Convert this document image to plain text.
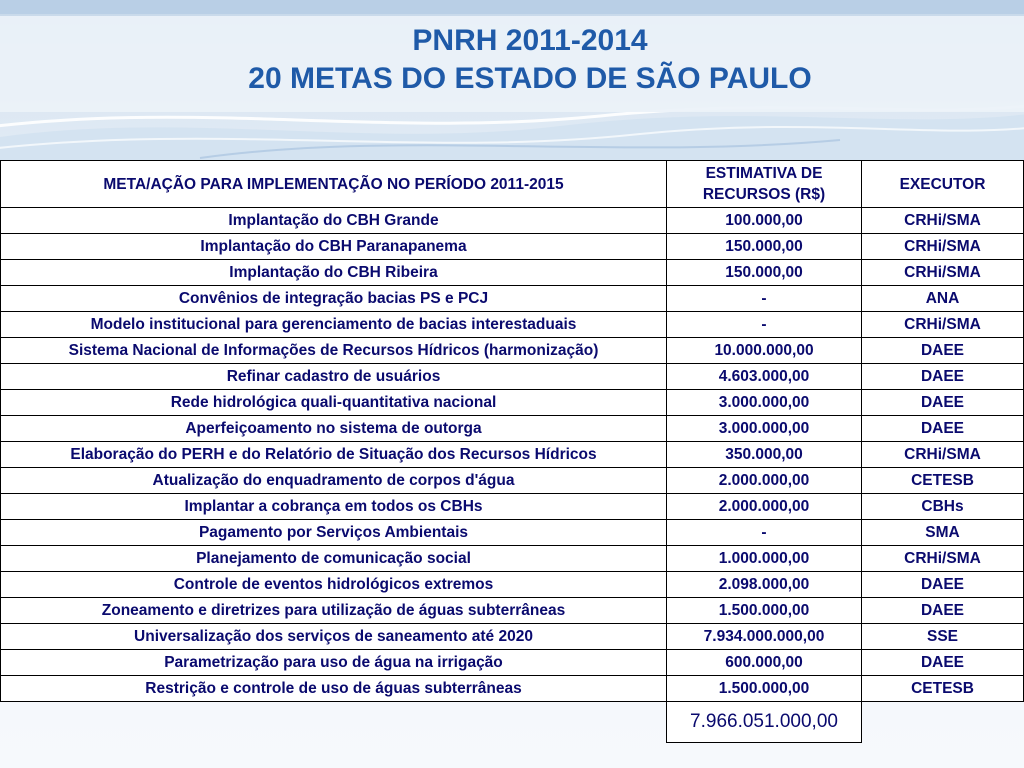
PNRH 2011-2014
20 METAS DO ESTADO DE SÃO PAULO
META/AÇÃO PARA IMPLEMENTAÇÃO NO PERÍODO 2011-2015	ESTIMATIVA DE RECURSOS (R$)	EXECUTOR
Implantação do CBH Grande	100.000,00	CRHi/SMA
Implantação do CBH Paranapanema	150.000,00	CRHi/SMA
Implantação do CBH Ribeira	150.000,00	CRHi/SMA
Convênios de integração bacias PS e PCJ	-	ANA
Modelo institucional para gerenciamento de bacias interestaduais	-	CRHi/SMA
Sistema Nacional de Informações de Recursos Hídricos (harmonização)	10.000.000,00	DAEE
Refinar cadastro de usuários	4.603.000,00	DAEE
Rede hidrológica quali-quantitativa nacional	3.000.000,00	DAEE
Aperfeiçoamento no sistema de outorga	3.000.000,00	DAEE
Elaboração do PERH e do Relatório de Situação dos Recursos Hídricos	350.000,00	CRHi/SMA
Atualização do enquadramento de corpos d'água	2.000.000,00	CETESB
Implantar a cobrança em todos os CBHs	2.000.000,00	CBHs
Pagamento por Serviços Ambientais	-	SMA
Planejamento de comunicação social	1.000.000,00	CRHi/SMA
Controle de eventos hidrológicos extremos	2.098.000,00	DAEE
Zoneamento e diretrizes para utilização de águas subterrâneas	1.500.000,00	DAEE
Universalização dos serviços de saneamento até 2020	7.934.000.000,00	SSE
Parametrização para uso de água na irrigação	600.000,00	DAEE
Restrição e controle de uso de águas subterrâneas	1.500.000,00	CETESB
	7.966.051.000,00	
